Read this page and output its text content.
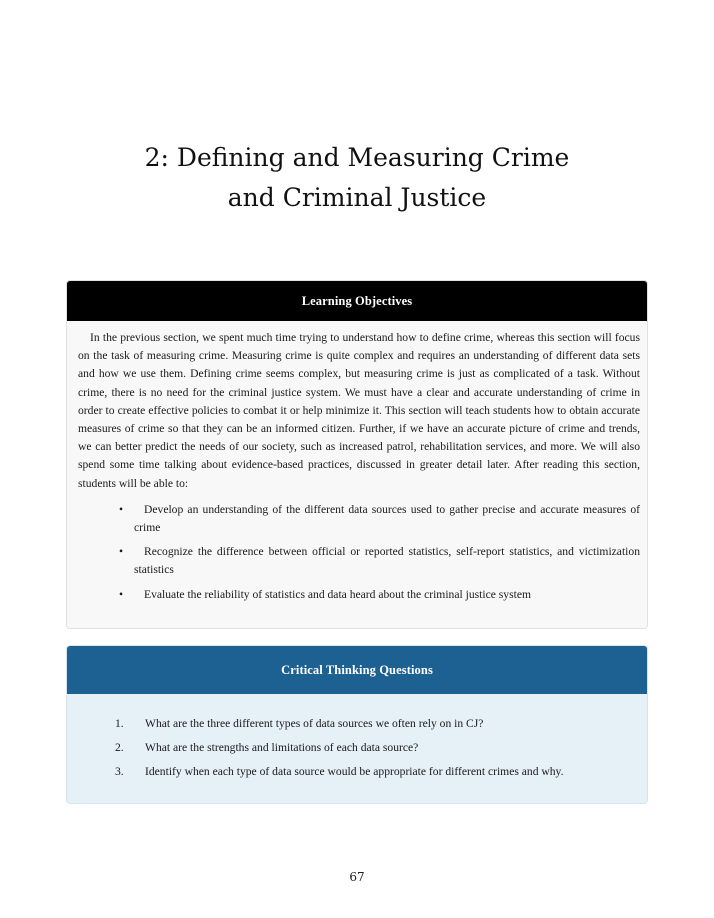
2: Defining and Measuring Crime
and Criminal Justice
Learning Objectives

In the previous section, we spent much time trying to understand how to define crime, whereas this section will focus on the task of measuring crime. Measuring crime is quite complex and requires an understanding of different data sets and how we use them. Defining crime seems complex, but measuring crime is just as complicated of a task. Without crime, there is no need for the criminal justice system. We must have a clear and accurate understanding of crime in order to create effective policies to combat it or help minimize it. This section will teach students how to obtain accurate measures of crime so that they can be an informed citizen. Further, if we have an accurate picture of crime and trends, we can better predict the needs of our society, such as increased patrol, rehabilitation services, and more. We will also spend some time talking about evidence-based practices, discussed in greater detail later. After reading this section, students will be able to:

• Develop an understanding of the different data sources used to gather precise and accurate measures of crime
• Recognize the difference between official or reported statistics, self-report statistics, and victimization statistics
• Evaluate the reliability of statistics and data heard about the criminal justice system
Critical Thinking Questions
1. What are the three different types of data sources we often rely on in CJ?
2. What are the strengths and limitations of each data source?
3. Identify when each type of data source would be appropriate for different crimes and why.
67
